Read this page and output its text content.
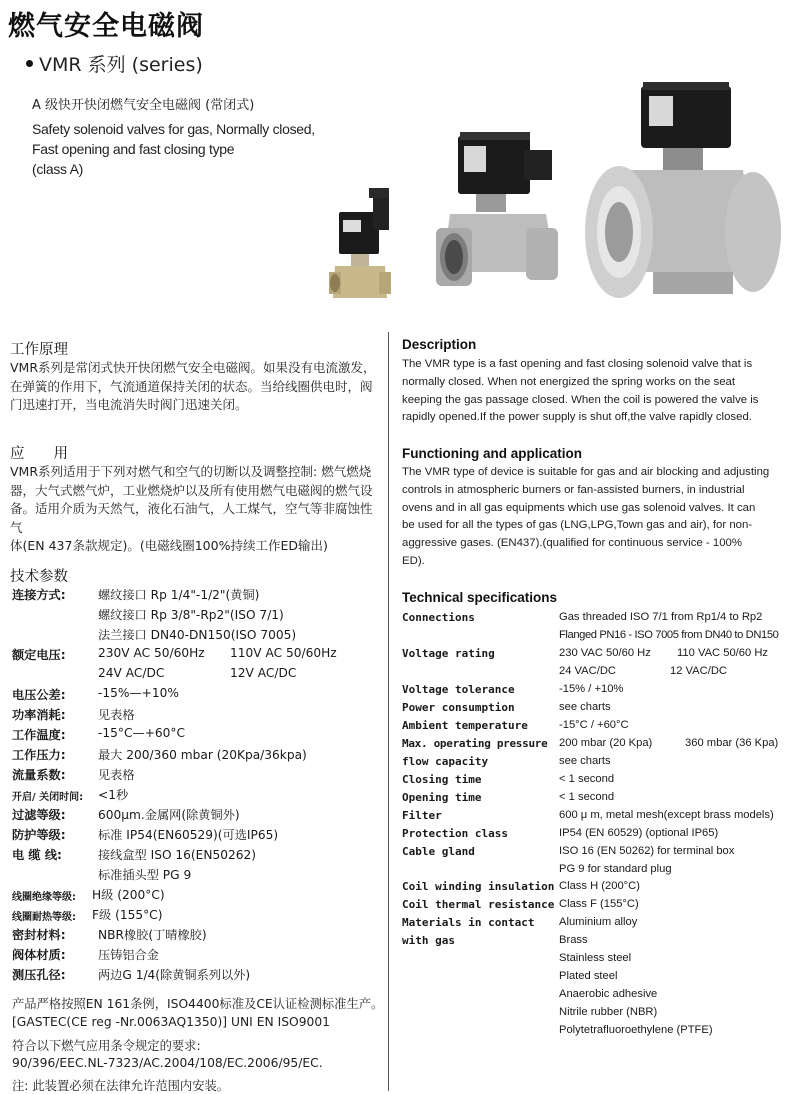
燃气安全电磁阀
VMR 系列 (series)
A 级快开快闭燃气安全电磁阀 (常闭式)
Safety solenoid valves for gas, Normally closed,
Fast opening and fast closing type
(class A)
工作原理
VMR系列是常闭式快开快闭燃气安全电磁阀。如果没有电流激发，
在弹簧的作用下，气流通道保持关闭的状态。当给线圈供电时，阀
门迅速打开，当电流消失时阀门迅速关闭。
应　　用
VMR系列适用于下列对燃气和空气的切断以及调整控制: 燃气燃烧
器，大气式燃气炉，工业燃烧炉以及所有使用燃气电磁阀的燃气设
备。适用介质为天然气，液化石油气，人工煤气，空气等非腐蚀性气
体(EN 437条款规定)。(电磁线圈100%持续工作ED输出)
技术参数
连接方式:	螺纹接口 Rp 1/4"-1/2"(黄铜)
螺纹接口 Rp 3/8"-Rp2"(ISO 7/1)
法兰接口 DN40-DN150(ISO 7005)
额定电压:	230V AC 50/60Hz 110V AC 50/60Hz
24V AC/DC	12V AC/DC
电压公差:	-15%—+10%
功率消耗:	见表格
工作温度:	-15°C—+60°C
工作压力:	最大 200/360 mbar (20Kpa/36kpa)
流量系数:	见表格
开启/ 关闭时间: <1秒
过滤等级:	600μm.金属网(除黄铜外)
防护等级:	标准 IP54(EN60529)(可选IP65)
电 缆 线:	接线盒型 ISO 16(EN50262)
标准插头型 PG 9
线圈绝缘等级: H级 (200°C)
线圈耐热等级: F级 (155°C)
密封材料:	NBR橡胶(丁晴橡胶)
阀体材质:	压铸铝合金
测压孔径:	两边G 1/4(除黄铜系列以外)
产品严格按照EN 161条例，ISO4400标准及CE认证检测标准生产。
[GASTEC(CE reg -Nr.0063AQ1350)] UNI EN ISO9001
符合以下燃气应用条令规定的要求:
90/396/EEC.NL-7323/AC.2004/108/EC.2006/95/EC.
注: 此装置必须在法律允许范围内安装。
Description
The VMR type is a fast opening and fast closing solenoid valve that is
normally closed. When not energized the spring works on the seat
keeping the gas passage closed. When the coil is powered the valve is
rapidly opened.If the power supply is shut off,the valve rapidly closed.
Functioning and application
The VMR type of device is suitable for gas and air blocking and adjusting
controls in atmospheric burners or fan-assisted burners, in industrial
ovens and in all gas equipments which use gas solenoid valves. It can
be used for all the types of gas (LNG,LPG,Town gas and air), for non-
aggressive gases. (EN437).(qualified for continuous service - 100%
ED).
Technical specifications
Connections	Gas threaded ISO 7/1 from Rp1/4 to Rp2
Flanged PN16 - ISO 7005 from DN40 to DN150
Voltage rating	230 VAC 50/60 Hz 110 VAC 50/60 Hz
24 VAC/DC	12 VAC/DC
Voltage tolerance	-15% / +10%
Power consumption	see charts
Ambient temperature	-15°C / +60°C
Max. operating pressure 200 mbar (20 Kpa)	360 mbar (36 Kpa)
flow capacity	see charts
Closing time	< 1 second
Opening time	< 1 second
Filter	600 μ m, metal mesh(except brass models)
Protection class	IP54 (EN 60529) (optional IP65)
Cable gland	ISO 16 (EN 50262) for terminal box
PG 9 for standard plug
Coil winding insulation Class H (200°C)
Coil thermal resistance Class F (155°C)
Materials in contact Aluminium alloy
with gas	Brass
Stainless steel
Plated steel
Anaerobic adhesive
Nitrile rubber (NBR)
Polytetrafluoroethylene (PTFE)
